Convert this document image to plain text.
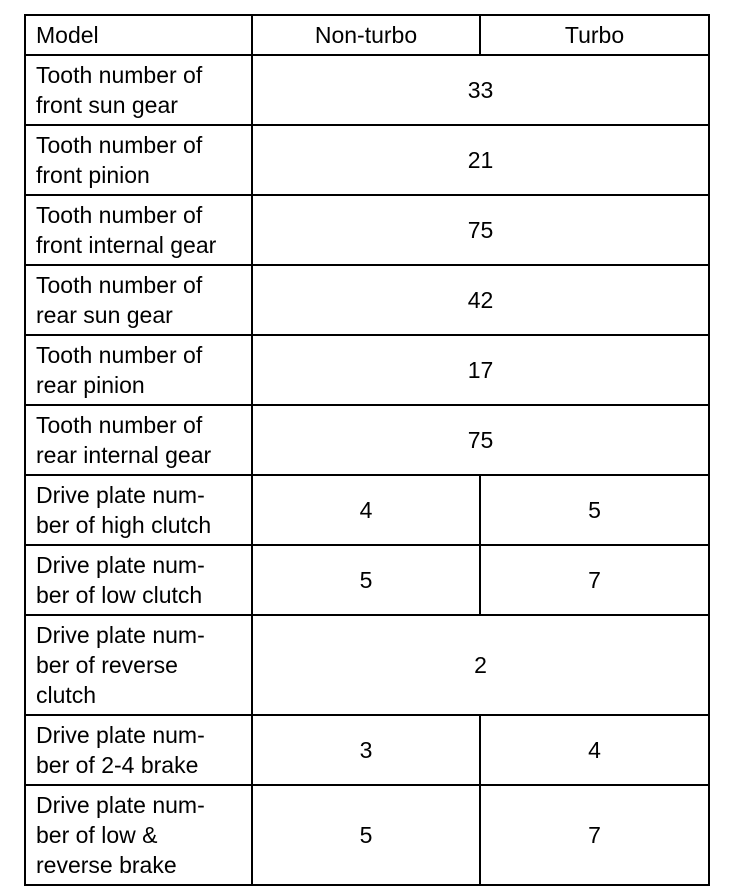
Model	Non-turbo	Turbo
Tooth number of
front sun gear	33	
Tooth number of
front pinion	21	
Tooth number of
front internal gear	75	
Tooth number of
rear sun gear	42	
Tooth number of
rear pinion	17	
Tooth number of
rear internal gear	75	
Drive plate num-
ber of high clutch	4	5
Drive plate num-
ber of low clutch	5	7
Drive plate num-
ber of reverse
clutch	2	
Drive plate num-
ber of 2-4 brake	3	4
Drive plate num-
ber of low &
reverse brake	5	7
